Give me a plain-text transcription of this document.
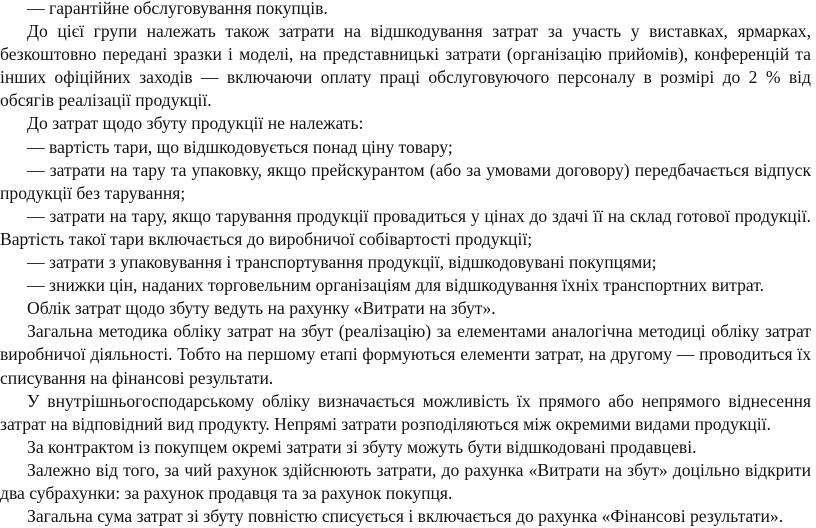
— гарантійне обслуговування покупців.

До цієї групи належать також затрати на відшкодування затрат за участь у виставках, ярмарках, безкоштовно передані зразки і моделі, на представницькі затрати (організацію прийомів), конференцій та інших офіційних заходів — включаючи оплату праці обслуговуючого персоналу в розмірі до 2 % від обсягів реалізації продукції.

До затрат щодо збуту продукції не належать:

— вартість тари, що відшкодовується понад ціну товару;

— затрати на тару та упаковку, якщо прейскурантом (або за умовами договору) передбачається відпуск продукції без тарування;

— затрати на тару, якщо тарування продукції провадиться у цінах до здачі її на склад готової продукції. Вартість такої тари включається до виробничої собівартості продукції;

— затрати з упаковування і транспортування продукції, відшкодовувані покупцями;

— знижки цін, наданих торговельним організаціям для відшкодування їхніх транспортних витрат.

Облік затрат щодо збуту ведуть на рахунку «Витрати на збут».

Загальна методика обліку затрат на збут (реалізацію) за елементами аналогічна методиці обліку затрат виробничої діяльності. Тобто на першому етапі формуються елементи затрат, на другому — проводиться їх списування на фінансові результати.

У внутрішньогосподарському обліку визначається можливість їх прямого або непрямого віднесення затрат на відповідний вид продукту. Непрямі затрати розподіляються між окремими видами продукції.

За контрактом із покупцем окремі затрати зі збуту можуть бути відшкодовані продавцеві.

Залежно від того, за чий рахунок здійснюють затрати, до рахунка «Витрати на збут» доцільно відкрити два субрахунки: за рахунок продавця та за рахунок покупця.

Загальна сума затрат зі збуту повністю списується і включається до рахунка «Фінансові результати».
